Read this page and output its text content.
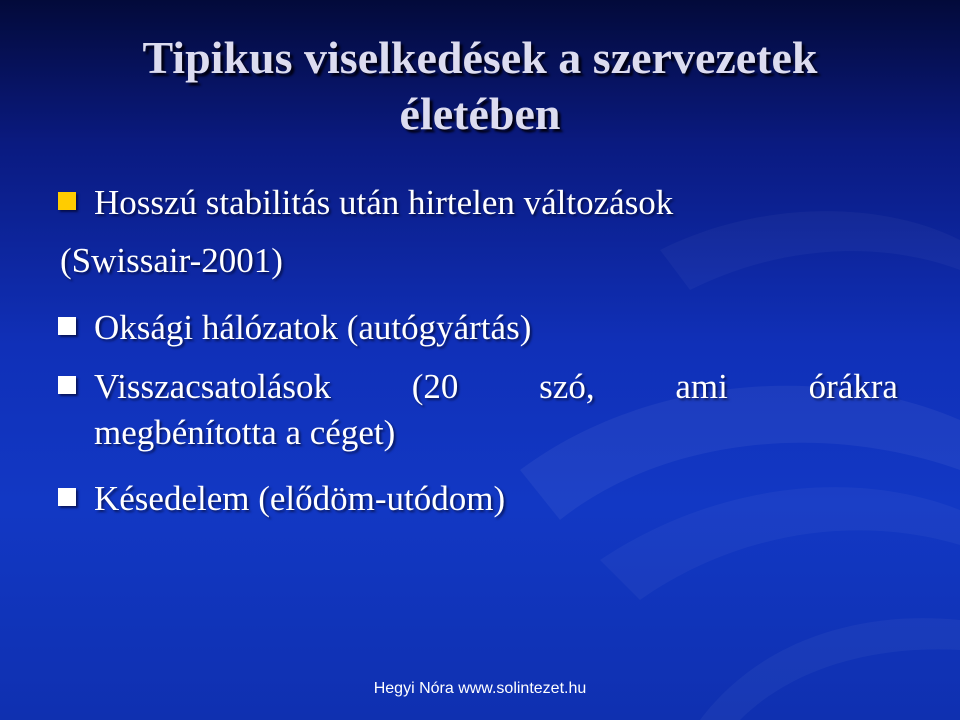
Tipikus viselkedések a szervezetek
életében
Hosszú stabilitás után hirtelen változások
(Swissair-2001)
Oksági hálózatok (autógyártás)
Visszacsatolások (20 szó, ami órákra
megbénította a céget)
Késedelem (elődöm-utódom)
Hegyi Nóra www.solintezet.hu
